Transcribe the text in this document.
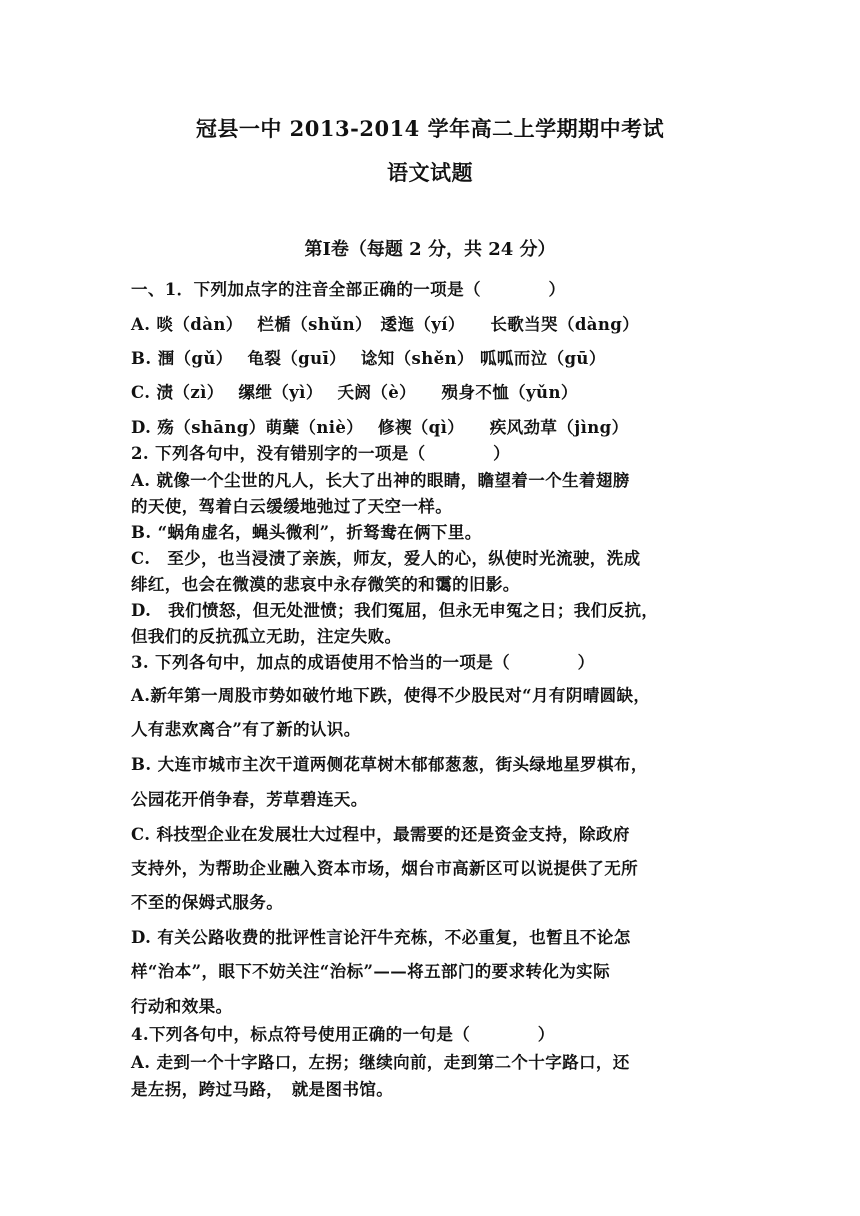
冠县一中 2013-2014 学年高二上学期期中考试
语文试题
第Ⅰ卷（每题 2 分，共 24 分）
一、1．下列加点字的注音全部正确的一项是（　　　　）
A. 啖（dàn）　 栏楯（shǔn）　逶迤（yí）　　长歌当哭（dàng）
B. 涠（gǔ）　 龟裂（guī）　 谂知（shěn） 呱呱而泣（gū）
C. 渍（zì）　 缧绁（yì）　 夭阏（è）　　殒身不恤（yǔn）
D. 殇（shāng）萌蘖（niè）　 修禊（qì）　　疾风劲草（jìng）
2. 下列各句中，没有错别字的一项是（　　　　）
A. 就像一个尘世的凡人，长大了出神的眼睛，瞻望着一个生着翅膀
的天使，驾着白云缓缓地弛过了天空一样。
B. “蜗角虚名，蝇头微利”，折驽鸯在俩下里。
C.　至少，也当浸渍了亲族，师友，爱人的心，纵使时光流驶，洗成
绯红，也会在微漠的悲哀中永存微笑的和霭的旧影。
D.　我们愤怒，但无处泄愤；我们冤屈，但永无申冤之日；我们反抗，
但我们的反抗孤立无助，注定失败。
3. 下列各句中，加点的成语使用不恰当的一项是（　　　　）
A.新年第一周股市势如破竹地下跌，使得不少股民对“月有阴晴圆缺，
人有悲欢离合”有了新的认识。
B. 大连市城市主次干道两侧花草树木郁郁葱葱，街头绿地星罗棋布，
公园花开俏争春，芳草碧连天。
C. 科技型企业在发展壮大过程中，最需要的还是资金支持，除政府
支持外，为帮助企业融入资本市场，烟台市高新区可以说提供了无所
不至的保姆式服务。
D. 有关公路收费的批评性言论汗牛充栋，不必重复，也暂且不论怎
样“治本”，眼下不妨关注“治标”——将五部门的要求转化为实际
行动和效果。
4.下列各句中，标点符号使用正确的一句是（　　　　）
A. 走到一个十字路口，左拐；继续向前，走到第二个十字路口，还
是左拐，跨过马路，　就是图书馆。
